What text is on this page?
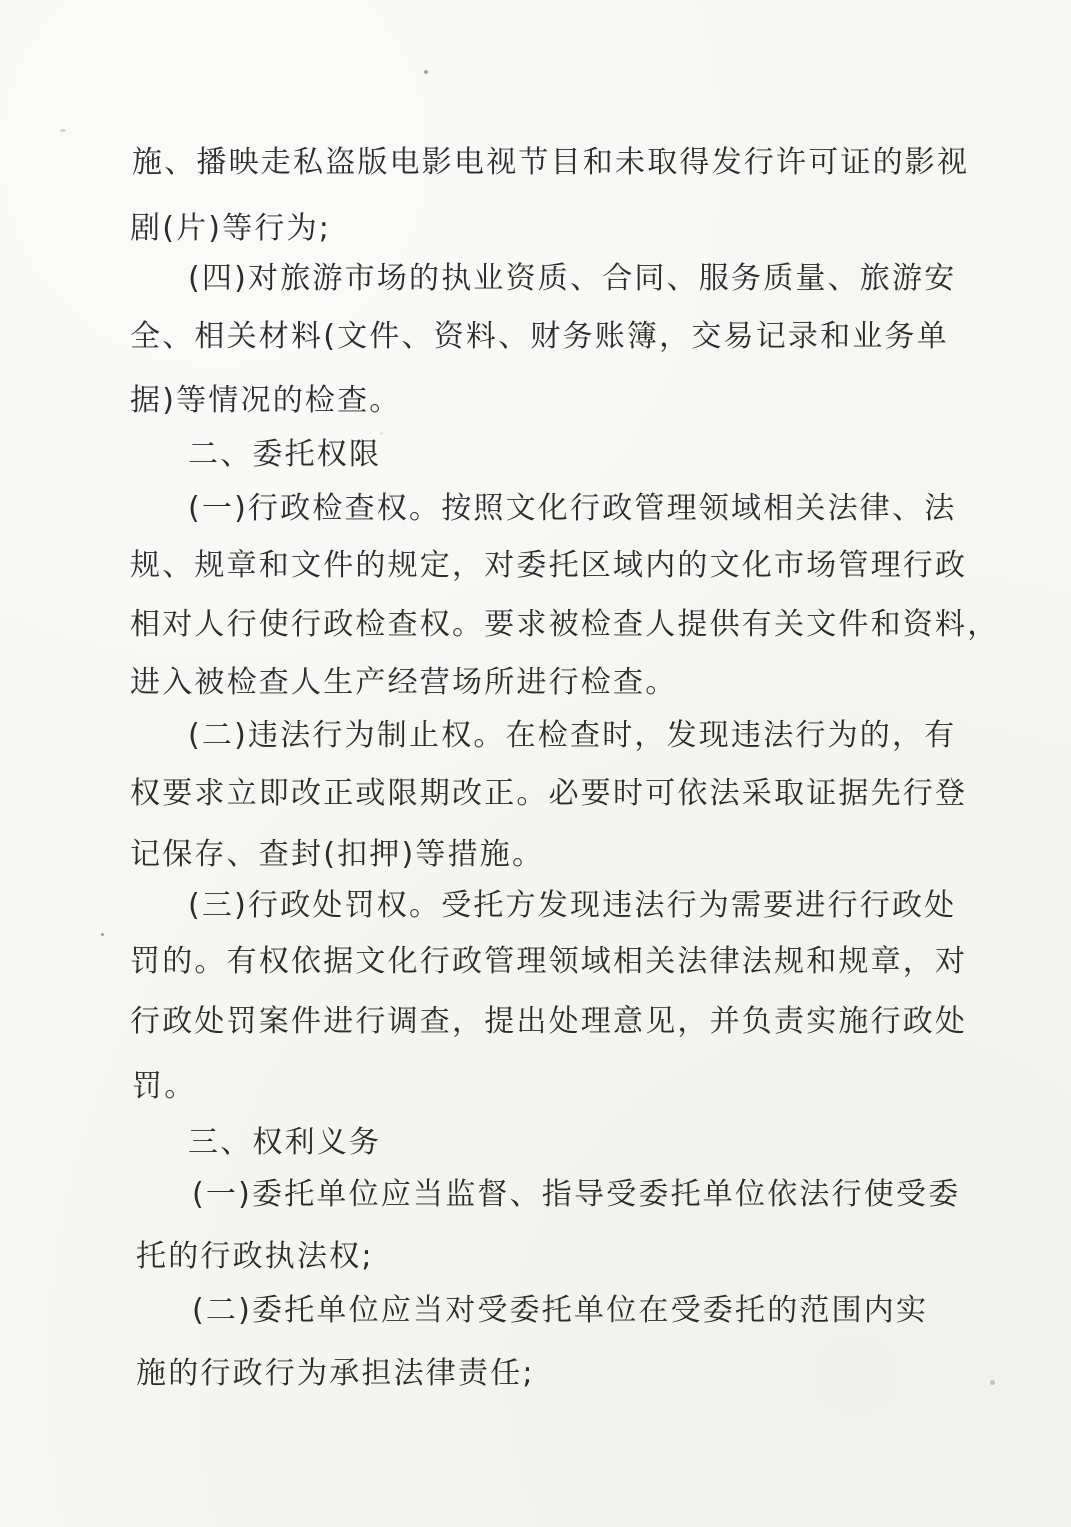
施、播映走私盗版电影电视节目和未取得发行许可证的影视
剧(片)等行为;
(四)对旅游市场的执业资质、合同、服务质量、旅游安
全、相关材料(文件、资料、财务账簿，交易记录和业务单
据)等情况的检查。
二、委托权限
(一)行政检查权。按照文化行政管理领域相关法律、法
规、规章和文件的规定，对委托区域内的文化市场管理行政
相对人行使行政检查权。要求被检查人提供有关文件和资料，
进入被检查人生产经营场所进行检查。
(二)违法行为制止权。在检查时，发现违法行为的，有
权要求立即改正或限期改正。必要时可依法采取证据先行登
记保存、查封(扣押)等措施。
(三)行政处罚权。受托方发现违法行为需要进行行政处
罚的。有权依据文化行政管理领域相关法律法规和规章，对
行政处罚案件进行调查，提出处理意见，并负责实施行政处
罚。
三、权利义务
(一)委托单位应当监督、指导受委托单位依法行使受委
托的行政执法权;
(二)委托单位应当对受委托单位在受委托的范围内实
施的行政行为承担法律责任;
